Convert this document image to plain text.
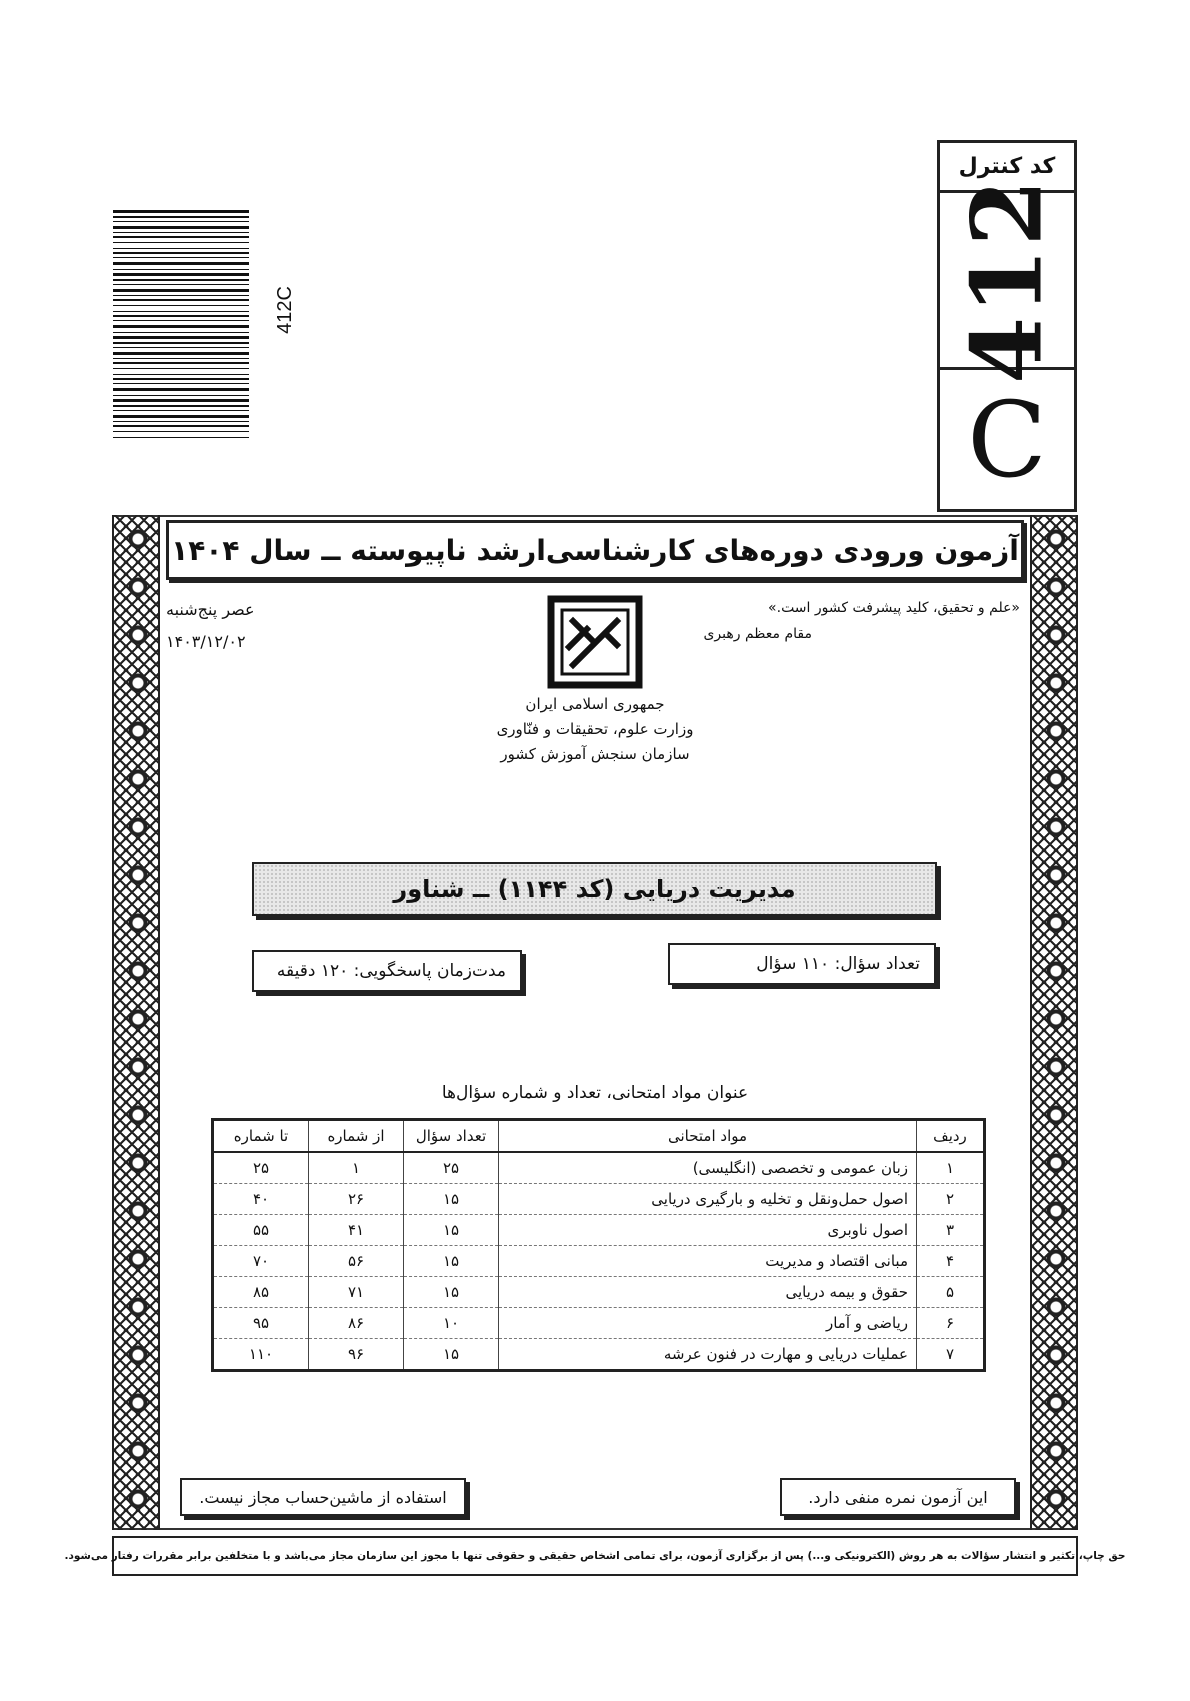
کد کنترل
412
C
412C
آزمون ورودی دوره‌های کارشناسی‌ارشد ناپیوسته ــ سال ۱۴۰۴
«علم و تحقیق، کلید پیشرفت کشور است.»
مقام معظم رهبری
عصر پنج‌شنبه
۱۴۰۳/۱۲/۰۲
جمهوری اسلامی ایران
وزارت علوم، تحقیقات و فنّاوری
سازمان سنجش آموزش کشور
مدیریت دریایی (کد ۱۱۴۴) ــ شناور
تعداد سؤال: ۱۱۰ سؤال
مدت‌زمان پاسخگویی: ۱۲۰ دقیقه
عنوان مواد امتحانی، تعداد و شماره سؤال‌ها
ردیف	مواد امتحانی	تعداد سؤال	از شماره	تا شماره
۱	زبان عمومی و تخصصی (انگلیسی)	۲۵	۱	۲۵
۲	اصول حمل‌ونقل و تخلیه و بارگیری دریایی	۱۵	۲۶	۴۰
۳	اصول ناوبری	۱۵	۴۱	۵۵
۴	مبانی اقتصاد و مدیریت	۱۵	۵۶	۷۰
۵	حقوق و بیمه دریایی	۱۵	۷۱	۸۵
۶	ریاضی و آمار	۱۰	۸۶	۹۵
۷	عملیات دریایی و مهارت در فنون عرشه	۱۵	۹۶	۱۱۰
این آزمون نمره منفی دارد.
استفاده از ماشین‌حساب مجاز نیست.
حق چاپ، تکثیر و انتشار سؤالات به هر روش (الکترونیکی و...) پس از برگزاری آزمون، برای تمامی اشخاص حقیقی و حقوقی تنها با مجوز این سازمان مجاز می‌باشد و با متخلفین برابر مقررات رفتار می‌شود.
